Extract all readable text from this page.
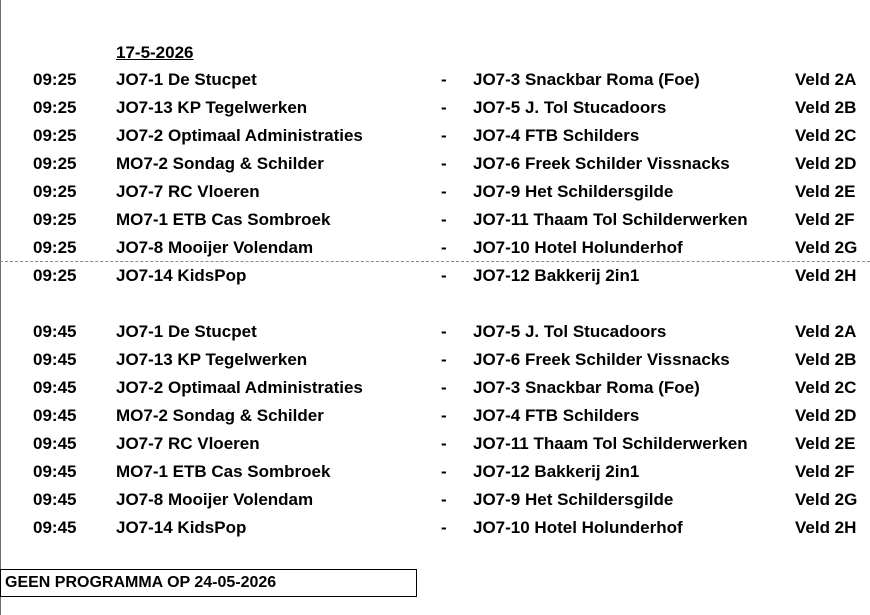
17-5-2026
09:25 JO7-1 De Stucpet	- JO7-3 Snackbar Roma (Foe)	Veld 2A
09:25 JO7-13 KP Tegelwerken	- JO7-5 J. Tol Stucadoors	Veld 2B
09:25 JO7-2 Optimaal Administraties	- JO7-4 FTB Schilders	Veld 2C
09:25 MO7-2 Sondag & Schilder	- JO7-6 Freek Schilder Vissnacks	Veld 2D
09:25 JO7-7 RC Vloeren	- JO7-9 Het Schildersgilde	Veld 2E
09:25 MO7-1 ETB Cas Sombroek	- JO7-11 Thaam Tol Schilderwerken	Veld 2F
09:25 JO7-8 Mooijer Volendam	- JO7-10 Hotel Holunderhof	Veld 2G
09:25 JO7-14 KidsPop	- JO7-12 Bakkerij 2in1	Veld 2H
09:45 JO7-1 De Stucpet	- JO7-5 J. Tol Stucadoors	Veld 2A
09:45 JO7-13 KP Tegelwerken	- JO7-6 Freek Schilder Vissnacks	Veld 2B
09:45 JO7-2 Optimaal Administraties	- JO7-3 Snackbar Roma (Foe)	Veld 2C
09:45 MO7-2 Sondag & Schilder	- JO7-4 FTB Schilders	Veld 2D
09:45 JO7-7 RC Vloeren	- JO7-11 Thaam Tol Schilderwerken	Veld 2E
09:45 MO7-1 ETB Cas Sombroek	- JO7-12 Bakkerij 2in1	Veld 2F
09:45 JO7-8 Mooijer Volendam	- JO7-9 Het Schildersgilde	Veld 2G
09:45 JO7-14 KidsPop	- JO7-10 Hotel Holunderhof	Veld 2H
GEEN PROGRAMMA OP 24-05-2026
